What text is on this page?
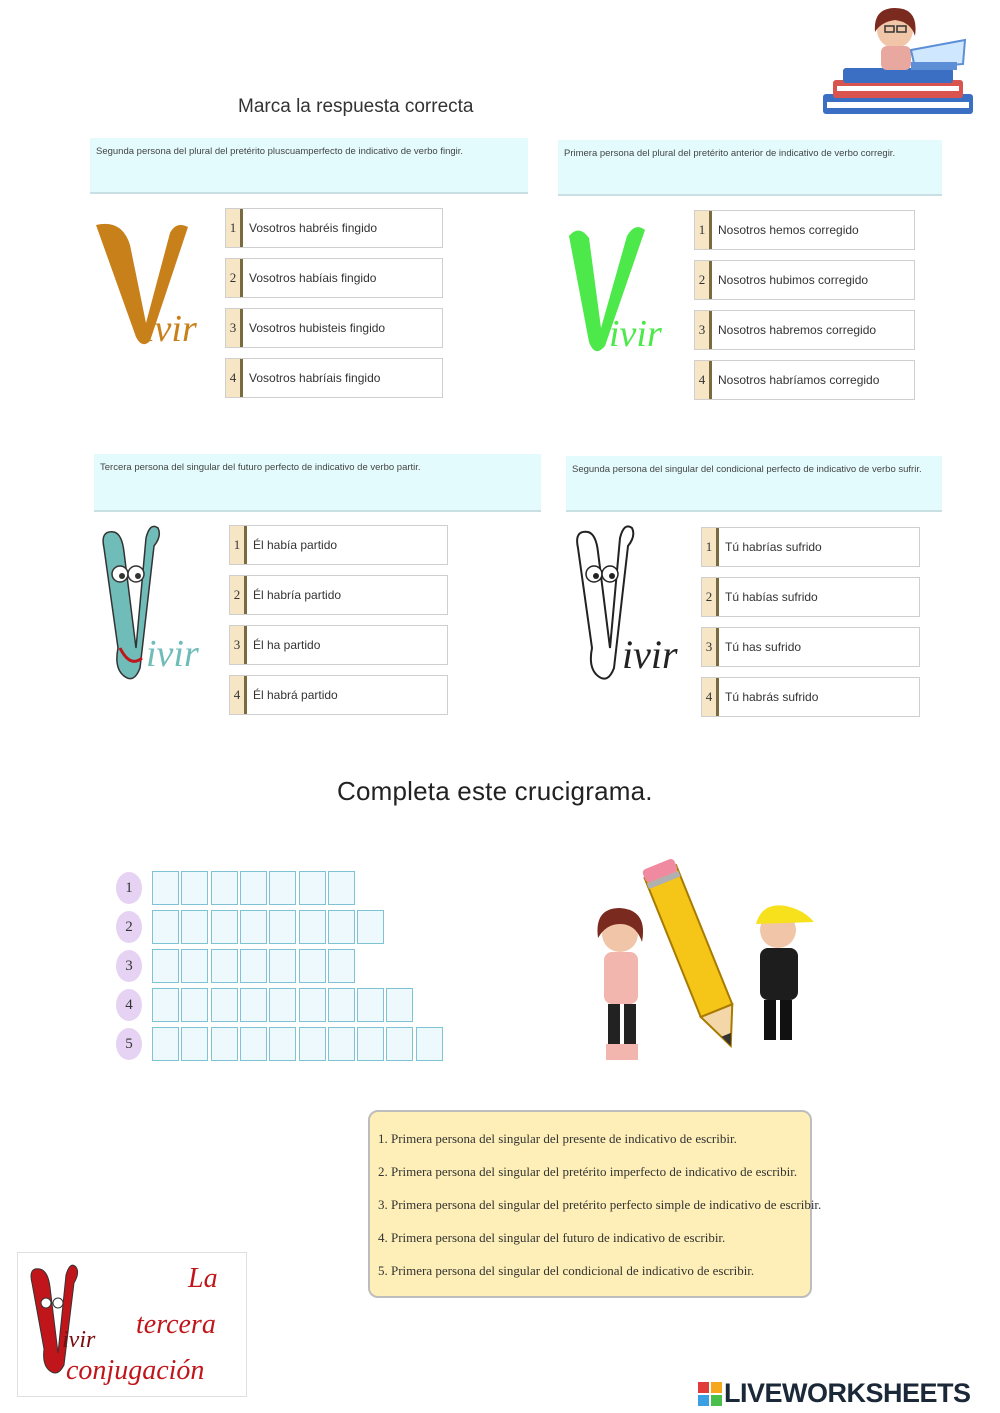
Marca la respuesta correcta
Segunda persona del plural del pretérito pluscuamperfecto de indicativo de verbo fingir.
ivir
1	Vosotros habréis fingido
2	Vosotros habíais fingido
3	Vosotros hubisteis fingido
4	Vosotros habríais fingido
Primera persona del plural del pretérito anterior de indicativo de verbo corregir.
ivir
1	Nosotros hemos corregido
2	Nosotros hubimos corregido
3	Nosotros habremos corregido
4	Nosotros habríamos corregido
Tercera persona del singular del futuro perfecto de indicativo de verbo partir.
ivir
1	Él había partido
2	Él habría partido
3	Él ha partido
4	Él habrá partido
Segunda persona del singular del condicional perfecto de indicativo de verbo sufrir.
ivir
1	Tú habrías sufrido
2	Tú habías sufrido
3	Tú has sufrido
4	Tú habrás sufrido
Completa este crucigrama.
1
2
3
4
5
1. Primera persona del singular del presente de indicativo de escribir.
2. Primera persona del singular del pretérito imperfecto de indicativo de escribir.
3. Primera persona del singular del pretérito perfecto simple de indicativo de escribir.
4. Primera persona del singular del futuro de indicativo de escribir.
5. Primera persona del singular del condicional de indicativo de escribir.
ivir
La
tercera
conjugación
LIVEWORKSHEETS
